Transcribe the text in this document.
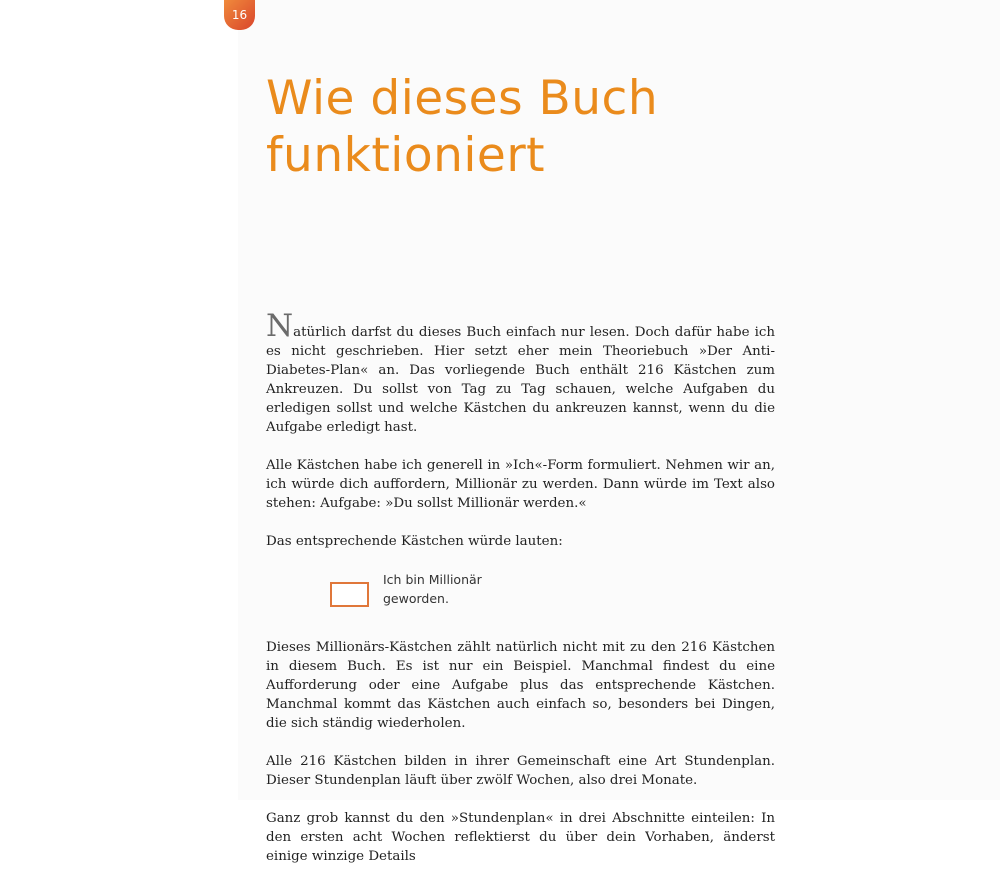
16
Wie dieses Buch funktioniert

Natürlich darfst du dieses Buch einfach nur lesen. Doch dafür habe ich es nicht geschrieben. Hier setzt eher mein Theoriebuch »Der Anti-Diabetes-Plan« an. Das vorliegende Buch enthält 216 Kästchen zum Ankreuzen. Du sollst von Tag zu Tag schauen, welche Aufgaben du erledigen sollst und welche Kästchen du ankreuzen kannst, wenn du die Aufgabe erledigt hast.

Alle Kästchen habe ich generell in »Ich«-Form formuliert. Nehmen wir an, ich würde dich auffordern, Millionär zu werden. Dann würde im Text also stehen: Aufgabe: »Du sollst Millionär werden.«

Das entsprechende Kästchen würde lauten:

Ich bin Millionär geworden.

Dieses Millionärs-Kästchen zählt natürlich nicht mit zu den 216 Kästchen in diesem Buch. Es ist nur ein Beispiel. Manchmal findest du eine Aufforderung oder eine Aufgabe plus das entsprechende Kästchen. Manchmal kommt das Kästchen auch einfach so, besonders bei Dingen, die sich ständig wiederholen.

Alle 216 Kästchen bilden in ihrer Gemeinschaft eine Art Stundenplan. Dieser Stundenplan läuft über zwölf Wochen, also drei Monate.

Ganz grob kannst du den »Stundenplan« in drei Abschnitte einteilen: In den ersten acht Wochen reflektierst du über dein Vorhaben, änderst einige winzige Details
